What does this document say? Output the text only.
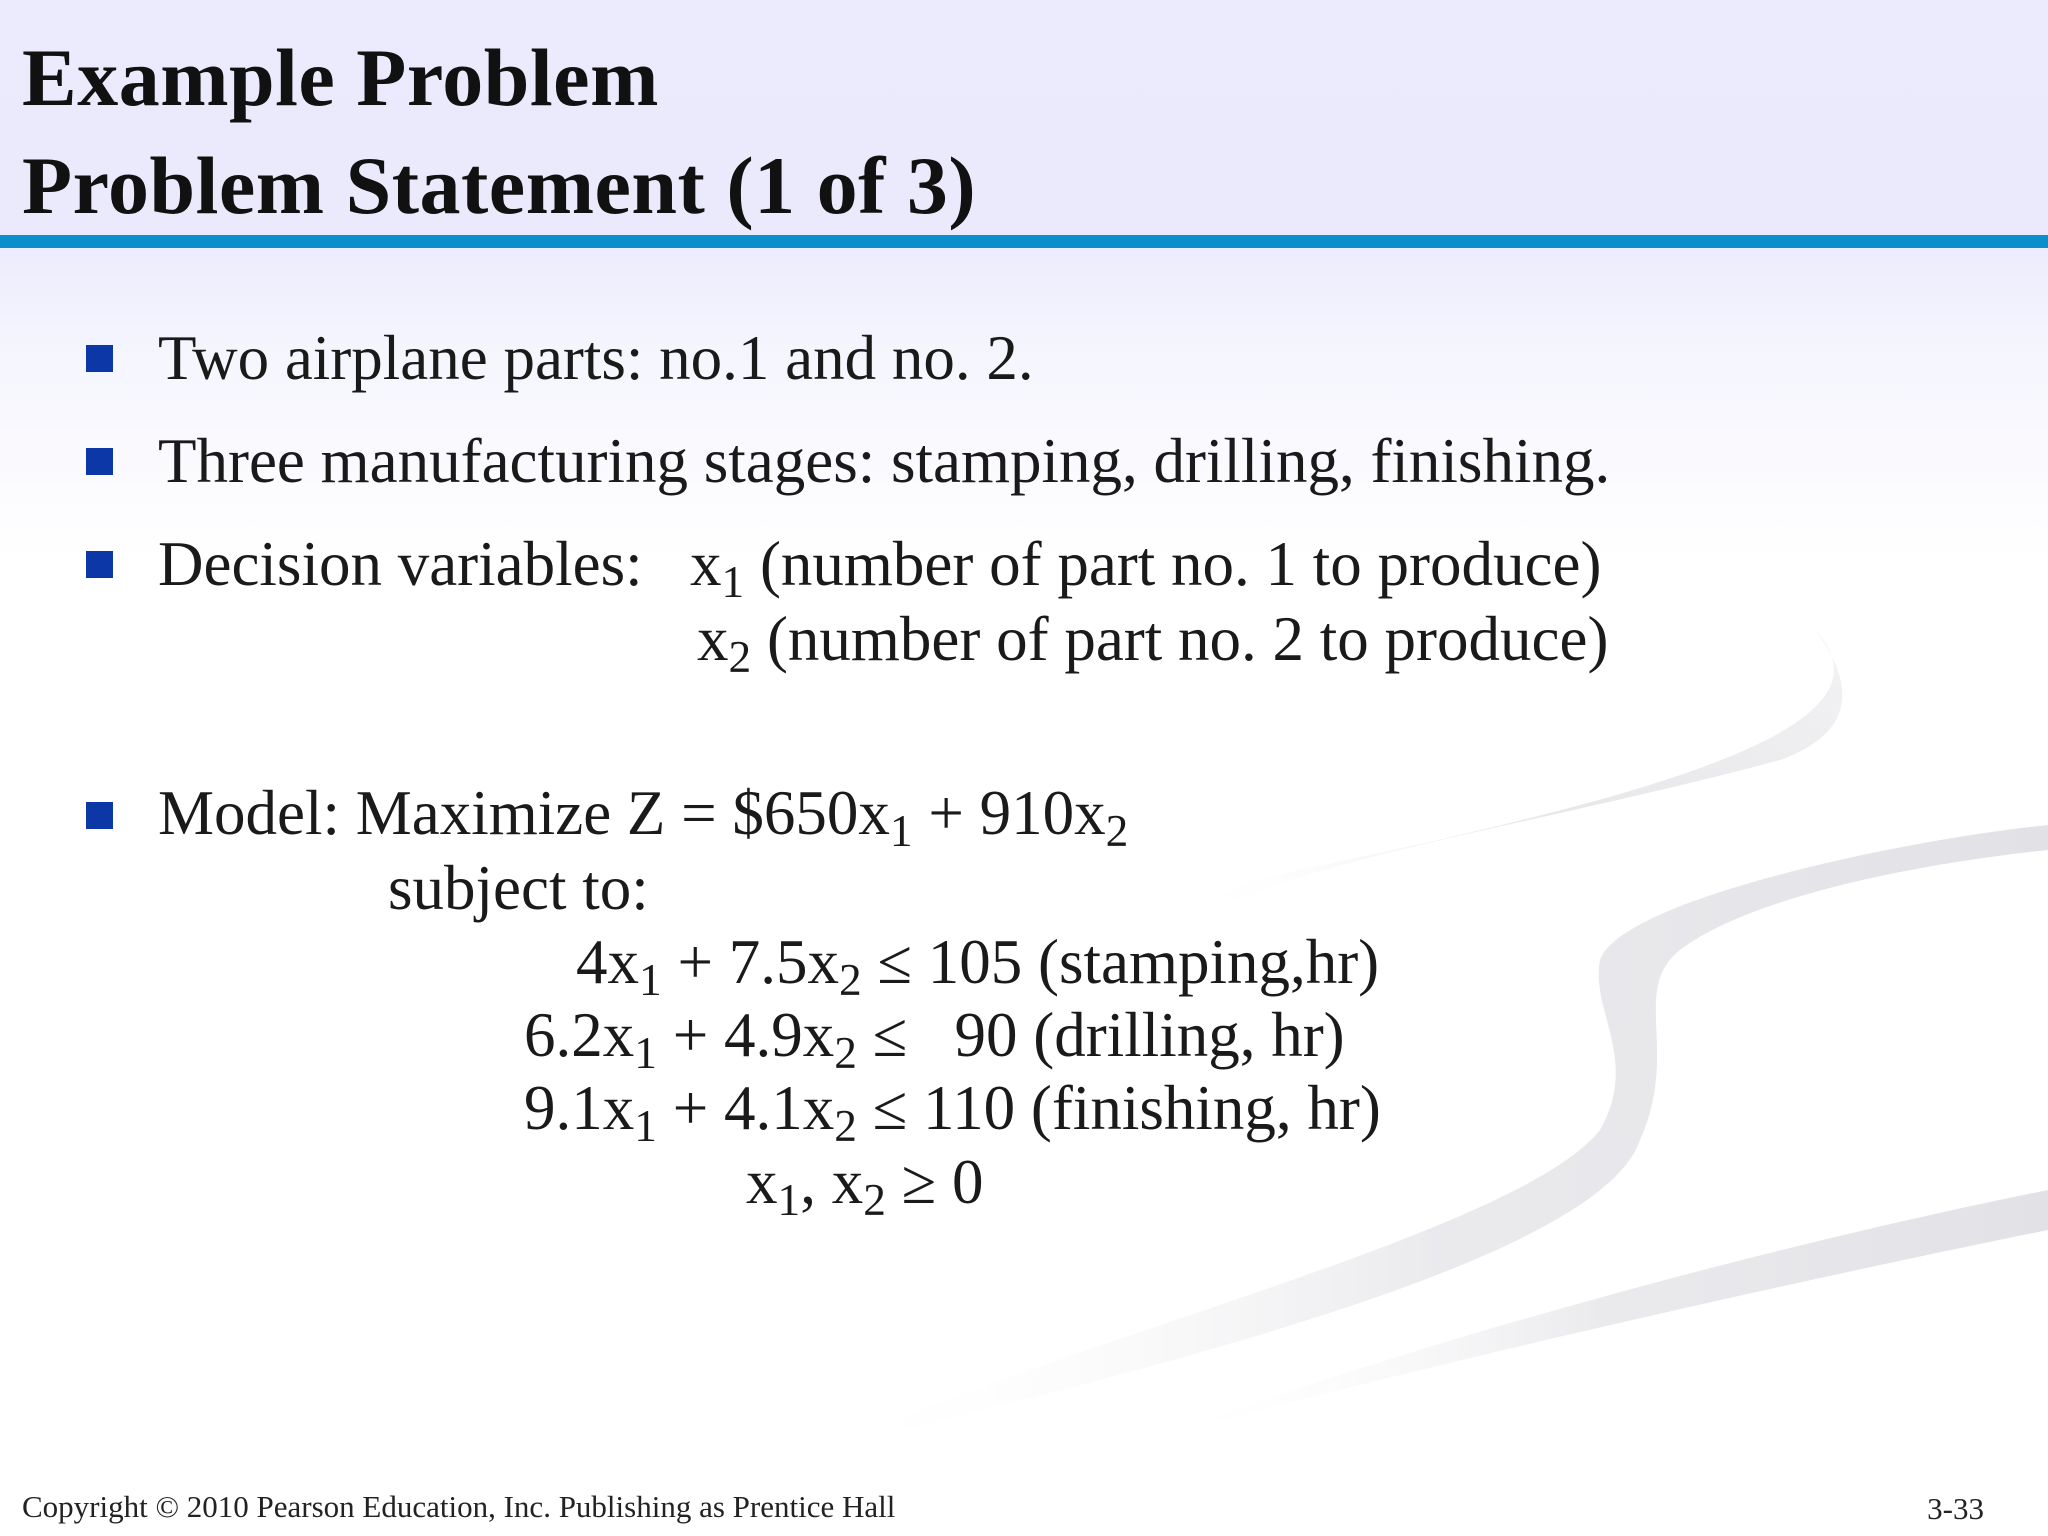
Example Problem
Problem Statement (1 of 3)
Two airplane parts: no.1 and no. 2.
Three manufacturing stages: stamping, drilling, finishing.
Decision variables: x1 (number of part no. 1 to produce)
x2 (number of part no. 2 to produce)
Model: Maximize Z = $650x1 + 910x2
subject to:
4x1 + 7.5x2 ≤ 105 (stamping,hr)
6.2x1 + 4.9x2 ≤   90 (drilling, hr)
9.1x1 + 4.1x2 ≤ 110 (finishing, hr)
x1, x2 ≥ 0
Copyright © 2010 Pearson Education, Inc. Publishing as Prentice Hall	3-33
